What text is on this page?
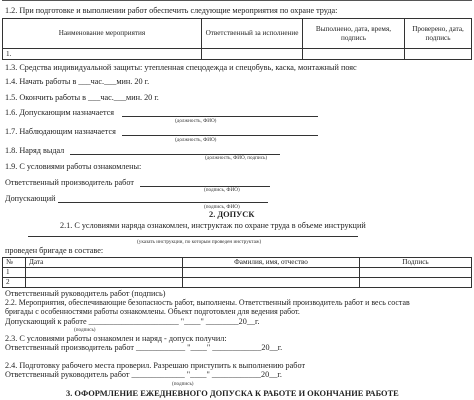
1.2. При подготовке и выполнении работ обеспечить следующие мероприятия по охране труда:
Наименование мероприятия	Ответственный за исполнение	Выполнено, дата, время, подпись	Проверено, дата, подпись
1.			
1.3. Средства индивидуальной защиты: утепленная спецодежда и спецобувь, каска, монтажный пояс
1.4. Начать работы в ___час.___мин. 20 г.
1.5. Окончить работы в ___час.___мин. 20 г.
1.6. Допускающим назначается
(должность, ФИО)
1.7. Наблюдающим назначается
(должность, ФИО)
1.8. Наряд выдал
(должность, ФИО, подпись)
1.9. С условиями работы ознакомлены:
Ответственный производитель работ
(подпись, ФИО)
Допускающий
(подпись, ФИО)
2. ДОПУСК
2.1. С условиями наряда ознакомлен, инструктаж по охране труда в объеме инструкций
(указать инструкции, по которым проведен инструктаж)
проведен бригаде в составе:
№	Дата	Фамилия, имя, отчество	Подпись
1			
2			
Ответственный руководитель работ (подпись)
2.2. Мероприятия, обеспечивающие безопасность работ, выполнены. Ответственный производитель работ и весь состав
бригады с особенностями работы ознакомлены. Объект подготовлен для ведения работ.
Допускающий к работе ______________________ "____" ________20__г.
(подпись)
2.3. С условиями работы ознакомлен и наряд - допуск получил:
Ответственный производитель работ ____________ "____" ____________20__г.
2.4. Подготовку рабочего места проверил. Разрешаю приступить к выполнению работ
Ответственный руководитель работ _____________ "____" ____________20__г.
(подпись)
3. ОФОРМЛЕНИЕ ЕЖЕДНЕВНОГО ДОПУСКА К РАБОТЕ И ОКОНЧАНИЕ РАБОТЕ
